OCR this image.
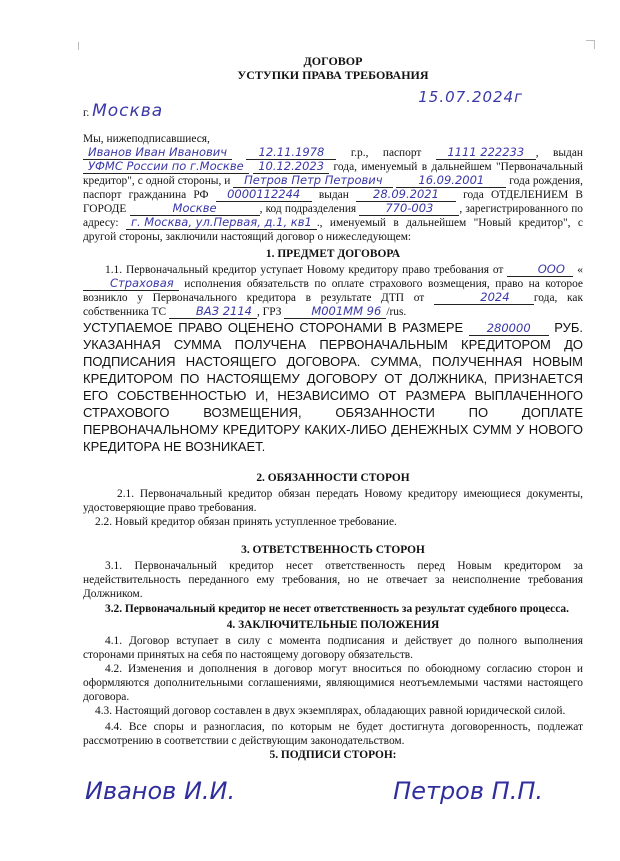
ДОГОВОР
УСТУПКИ ПРАВА ТРЕБОВАНИЯ
г. Москва
15.07.2024г
Мы, нижеподписавшиеся,
Иванов Иван Иванович	12.11.1978 г.р., паспорт 1111 222233 , выдан УФМС России по г.Москве 10.12.2023 года, именуемый в дальнейшем "Первоначальный кредитор", с одной стороны, и Петров Петр Петрович	16.09.2001 года рождения, паспорт гражданина РФ 0000112244 выдан 28.09.2021 года ОТДЕЛЕНИЕМ В ГОРОДЕ	Москве	, код подразделения	770-003 , зарегистрированного по адресу: г. Москва, ул.Первая, д.1, кв1 ., именуемый в дальнейшем "Новый кредитор", с другой стороны, заключили настоящий договор о нижеследующем:
1. ПРЕДМЕТ ДОГОВОРА
1.1. Первоначальный кредитор уступает Новому кредитору право требования от	ООО «Страховая исполнения обязательств по оплате страхового возмещения, право на которое возникло у Первоначального кредитора в результате ДТП от	2024 года, как собственника ТС	ВАЗ 2114 , ГРЗ	М001ММ 96 /rus.
УСТУПАЕМОЕ ПРАВО ОЦЕНЕНО СТОРОНАМИ В РАЗМЕРЕ 280000 РУБ. УКАЗАННАЯ СУММА ПОЛУЧЕНА ПЕРВОНАЧАЛЬНЫМ КРЕДИТОРОМ ДО ПОДПИСАНИЯ НАСТОЯЩЕГО ДОГОВОРА. СУММА, ПОЛУЧЕННАЯ НОВЫМ КРЕДИТОРОМ ПО НАСТОЯЩЕМУ ДОГОВОРУ ОТ ДОЛЖНИКА, ПРИЗНАЕТСЯ ЕГО СОБСТВЕННОСТЬЮ И, НЕЗАВИСИМО ОТ РАЗМЕРА ВЫПЛАЧЕННОГО СТРАХОВОГО ВОЗМЕЩЕНИЯ, ОБЯЗАННОСТИ ПО ДОПЛАТЕ ПЕРВОНАЧАЛЬНОМУ КРЕДИТОРУ КАКИХ-ЛИБО ДЕНЕЖНЫХ СУММ У НОВОГО КРЕДИТОРА НЕ ВОЗНИКАЕТ.
2. ОБЯЗАННОСТИ СТОРОН
2.1. Первоначальный кредитор обязан передать Новому кредитору имеющиеся документы, удостоверяющие право требования.
2.2. Новый кредитор обязан принять уступленное требование.
3. ОТВЕТСТВЕННОСТЬ СТОРОН
3.1. Первоначальный кредитор несет ответственность перед Новым кредитором за недействительность переданного ему требования, но не отвечает за неисполнение требования Должником.
3.2. Первоначальный кредитор не несет ответственность за результат судебного процесса.
4. ЗАКЛЮЧИТЕЛЬНЫЕ ПОЛОЖЕНИЯ
4.1. Договор вступает в силу с момента подписания и действует до полного выполнения сторонами принятых на себя по настоящему договору обязательств.
4.2. Изменения и дополнения в договор могут вноситься по обоюдному согласию сторон и оформляются дополнительными соглашениями, являющимися неотъемлемыми частями настоящего договора.
4.3. Настоящий договор составлен в двух экземплярах, обладающих равной юридической силой.
4.4. Все споры и разногласия, по которым не будет достигнута договоренность, подлежат рассмотрению в соответствии с действующим законодательством.
5. ПОДПИСИ СТОРОН:
Иванов И.И.	Петров П.П.
